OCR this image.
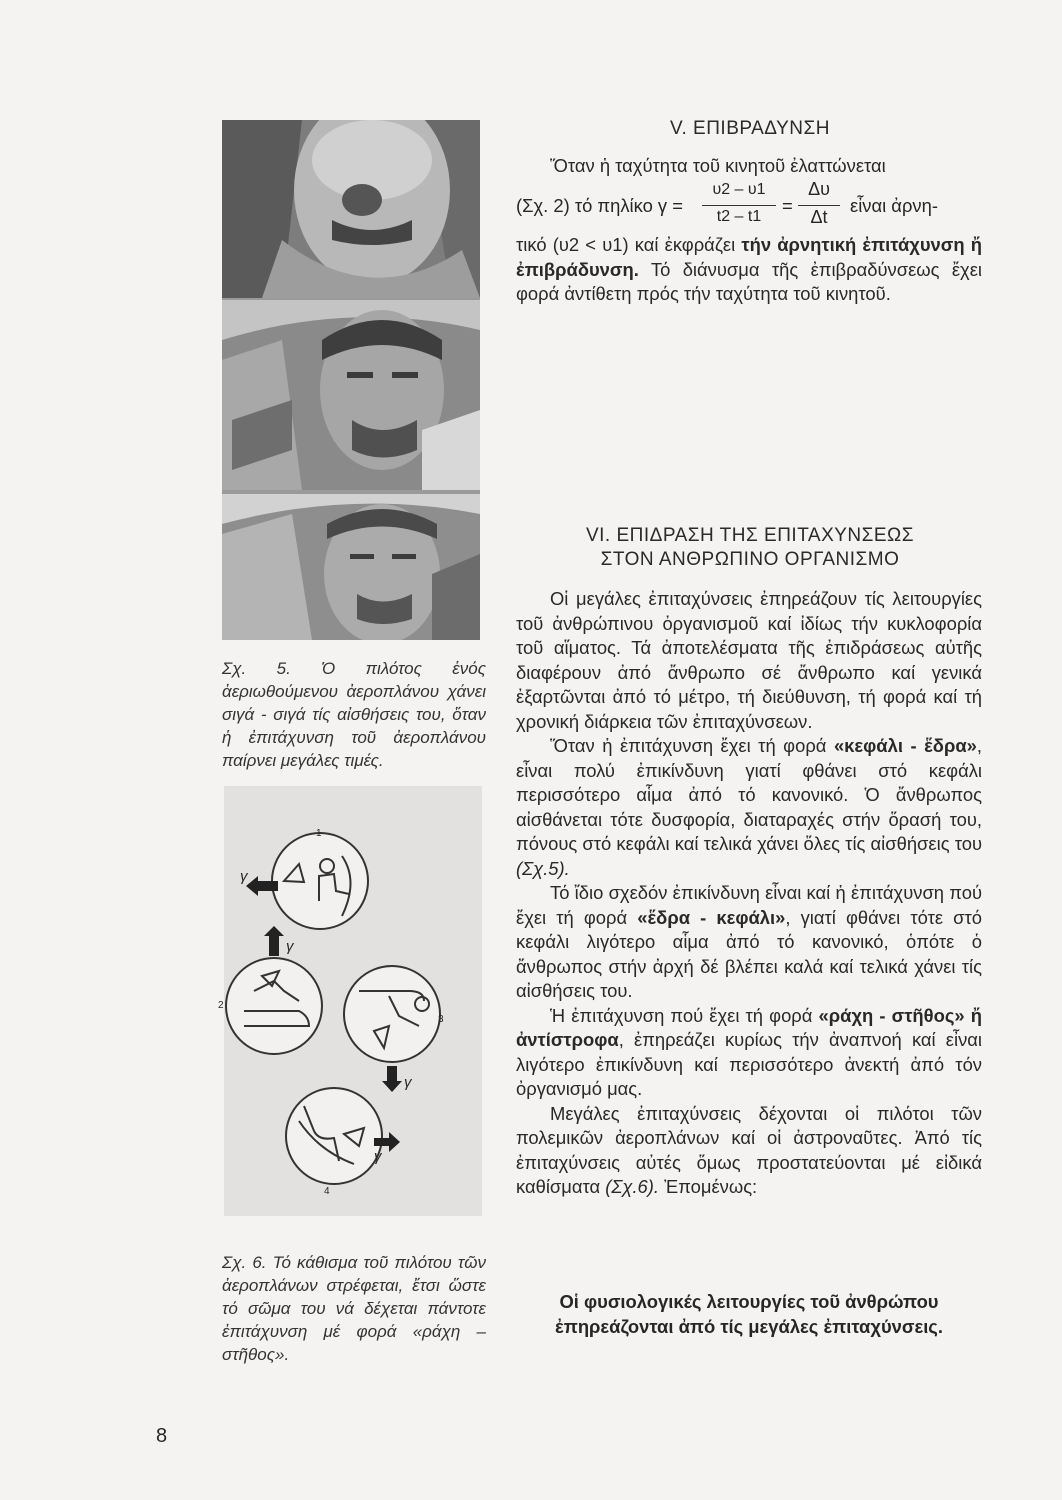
Σχ. 5. Ὁ πιλότος ἑνός ἀεριωθούμενου ἀεροπλάνου χάνει σιγά - σιγά τίς αἰσθήσεις του, ὅταν ἡ ἐπιτάχυνση τοῦ ἀεροπλάνου παίρνει μεγάλες τιμές.

1
2
3
4
γ
γ
γ
γ

Σχ. 6. Τό κάθισμα τοῦ πιλότου τῶν ἀεροπλάνων στρέφεται, ἔτσι ὥστε τό σῶμα του νά δέχεται πάντοτε ἐπιτάχυνση μέ φορά «ράχη – στῆθος».

8
V. ΕΠΙΒΡΑΔΥΝΣΗ

Ὅταν ἡ ταχύτητα τοῦ κινητοῦ ἐλαττώνεται

(Σχ. 2) τό πηλίκο γ =
υ2 – υ1
t2 – t1
=
Δυ
Δt
εἶναι ἀρνη-

τικό (υ2 < υ1) καί ἐκφράζει τήν ἀρνητική ἐπιτάχυνση ἤ ἐπιβράδυνση. Τό διάνυσμα τῆς ἐπιβραδύνσεως ἔχει φορά ἀντίθετη πρός τήν ταχύτητα τοῦ κινητοῦ.

VI. ΕΠΙΔΡΑΣΗ ΤΗΣ ΕΠΙΤΑΧΥΝΣΕΩΣ
ΣΤΟΝ ΑΝΘΡΩΠΙΝΟ ΟΡΓΑΝΙΣΜΟ

Οἱ μεγάλες ἐπιταχύνσεις ἐπηρεάζουν τίς λειτουργίες τοῦ ἀνθρώπινου ὀργανισμοῦ καί ἰδίως τήν κυκλοφορία τοῦ αἵματος. Τά ἀποτελέσματα τῆς ἐπιδράσεως αὐτῆς διαφέρουν ἀπό ἄνθρωπο σέ ἄνθρωπο καί γενικά ἐξαρτῶνται ἀπό τό μέτρο, τή διεύθυνση, τή φορά καί τή χρονική διάρκεια τῶν ἐπιταχύνσεων.

Ὅταν ἡ ἐπιτάχυνση ἔχει τή φορά «κεφάλι - ἕδρα», εἶναι πολύ ἐπικίνδυνη γιατί φθάνει στό κεφάλι περισσότερο αἷμα ἀπό τό κανονικό. Ὁ ἄνθρωπος αἰσθάνεται τότε δυσφορία, διαταραχές στήν ὅρασή του, πόνους στό κεφάλι καί τελικά χάνει ὅλες τίς αἰσθήσεις του (Σχ.5).

Τό ἴδιο σχεδόν ἐπικίνδυνη εἶναι καί ἡ ἐπιτάχυνση πού ἔχει τή φορά «ἕδρα - κεφάλι», γιατί φθάνει τότε στό κεφάλι λιγότερο αἷμα ἀπό τό κανονικό, ὁπότε ὁ ἄνθρωπος στήν ἀρχή δέ βλέπει καλά καί τελικά χάνει τίς αἰσθήσεις του.

Ἡ ἐπιτάχυνση πού ἔχει τή φορά «ράχη - στῆθος» ἤ ἀντίστροφα, ἐπηρεάζει κυρίως τήν ἀναπνοή καί εἶναι λιγότερο ἐπικίνδυνη καί περισσότερο ἀνεκτή ἀπό τόν ὀργανισμό μας.

Μεγάλες ἐπιταχύνσεις δέχονται οἱ πιλότοι τῶν πολεμικῶν ἀεροπλάνων καί οἱ ἀστροναῦτες. Ἀπό τίς ἐπιταχύνσεις αὐτές ὅμως προστατεύονται μέ εἰδικά καθίσματα (Σχ.6). Ἐπομένως:

Οἱ φυσιολογικές λειτουργίες τοῦ ἀνθρώπου ἐπηρεάζονται ἀπό τίς μεγάλες ἐπιταχύνσεις.
